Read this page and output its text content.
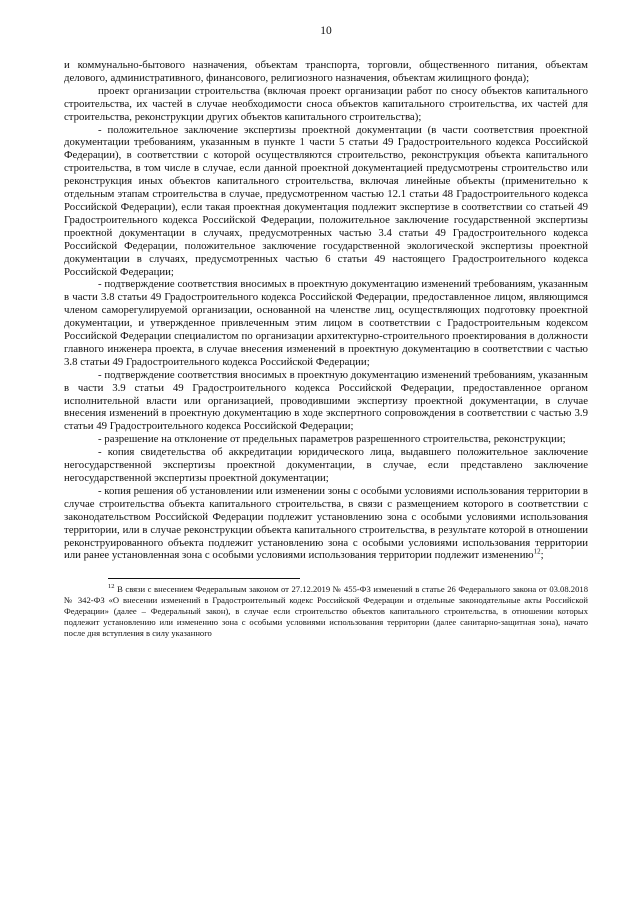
10

и коммунально-бытового назначения, объектам транспорта, торговли, общественного питания, объектам делового, административного, финансового, религиозного назначения, объектам жилищного фонда);

проект организации строительства (включая проект организации работ по сносу объектов капитального строительства, их частей в случае необходимости сноса объектов капитального строительства, их частей для строительства, реконструкции других объектов капитального строительства);

- положительное заключение экспертизы проектной документации (в части соответствия проектной документации требованиям, указанным в пункте 1 части 5 статьи 49 Градостроительного кодекса Российской Федерации), в соответствии с которой осуществляются строительство, реконструкция объекта капитального строительства, в том числе в случае, если данной проектной документацией предусмотрены строительство или реконструкция иных объектов капитального строительства, включая линейные объекты (применительно к отдельным этапам строительства в случае, предусмотренном частью 12.1 статьи 48 Градостроительного кодекса Российской Федерации), если такая проектная документация подлежит экспертизе в соответствии со статьей 49 Градостроительного кодекса Российской Федерации, положительное заключение государственной экспертизы проектной документации в случаях, предусмотренных частью 3.4 статьи 49 Градостроительного кодекса Российской Федерации, положительное заключение государственной экологической экспертизы проектной документации в случаях, предусмотренных частью 6 статьи 49 настоящего Градостроительного кодекса Российской Федерации;

- подтверждение соответствия вносимых в проектную документацию изменений требованиям, указанным в части 3.8 статьи 49 Градостроительного кодекса Российской Федерации, предоставленное лицом, являющимся членом саморегулируемой организации, основанной на членстве лиц, осуществляющих подготовку проектной документации, и утвержденное привлеченным этим лицом в соответствии с Градостроительным кодексом Российской Федерации специалистом по организации архитектурно-строительного проектирования в должности главного инженера проекта, в случае внесения изменений в проектную документацию в соответствии с частью 3.8 статьи 49 Градостроительного кодекса Российской Федерации;

- подтверждение соответствия вносимых в проектную документацию изменений требованиям, указанным в части 3.9 статьи 49 Градостроительного кодекса Российской Федерации, предоставленное органом исполнительной власти или организацией, проводившими экспертизу проектной документации, в случае внесения изменений в проектную документацию в ходе экспертного сопровождения в соответствии с частью 3.9 статьи 49 Градостроительного кодекса Российской Федерации;

- разрешение на отклонение от предельных параметров разрешенного строительства, реконструкции;

- копия свидетельства об аккредитации юридического лица, выдавшего положительное заключение негосударственной экспертизы проектной документации, в случае, если представлено заключение негосударственной экспертизы проектной документации;

- копия решения об установлении или изменении зоны с особыми условиями использования территории в случае строительства объекта капитального строительства, в связи с размещением которого в соответствии с законодательством Российской Федерации подлежит установлению зона с особыми условиями использования территории, или в случае реконструкции объекта капитального строительства, в результате которой в отношении реконструированного объекта подлежит установлению зона с особыми условиями использования территории или ранее установленная зона с особыми условиями использования территории подлежит изменению$^{12}$;

$^{12}$ В связи с внесением Федеральным законом от 27.12.2019 № 455-ФЗ изменений в статье 26 Федерального закона от 03.08.2018 № 342-ФЗ «О внесении изменений в Градостроительный кодекс Российской Федерации и отдельные законодательные акты Российской Федерации» (далее – Федеральный закон), в случае если строительство объектов капитального строительства, в отношении которых подлежит установлению или изменению зона с особыми условиями использования территории (далее санитарно-защитная зона), начато после дня вступления в силу указанного
